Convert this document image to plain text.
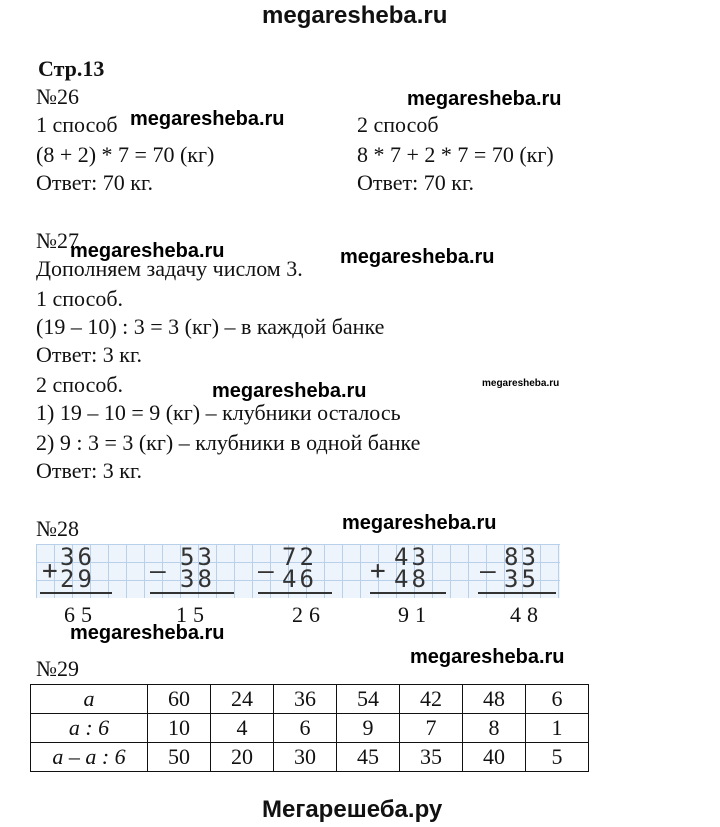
megaresheba.ru
Стр.13
№26	megaresheba.ru
1 способ megaresheba.ru
(8 + 2) * 7 = 70 (кг)
Ответ: 70 кг.
2 способ
8 * 7 + 2 * 7 = 70 (кг)
Ответ: 70 кг.
№27
megaresheba.ru	megaresheba.ru
Дополняем задачу числом 3.
1 способ.
(19 – 10) : 3 = 3 (кг) – в каждой банке
Ответ: 3 кг.
2 способ.	megaresheba.ru	megaresheba.ru
1) 19 – 10 = 9 (кг) – клубники осталось
2) 9 : 3 = 3 (кг) – клубники в одной банке
Ответ: 3 кг.
№28	megaresheba.ru
+ 36
29
65
– 53
38
15
– 72
46
26
+ 43
48
91
– 83
35
48
megaresheba.ru
№29	megaresheba.ru
a	60	24	36	54	42	48	6
a : 6	10	4	6	9	7	8	1
a – a : 6	50	20	30	45	35	40	5
Мегарешеба.ру
